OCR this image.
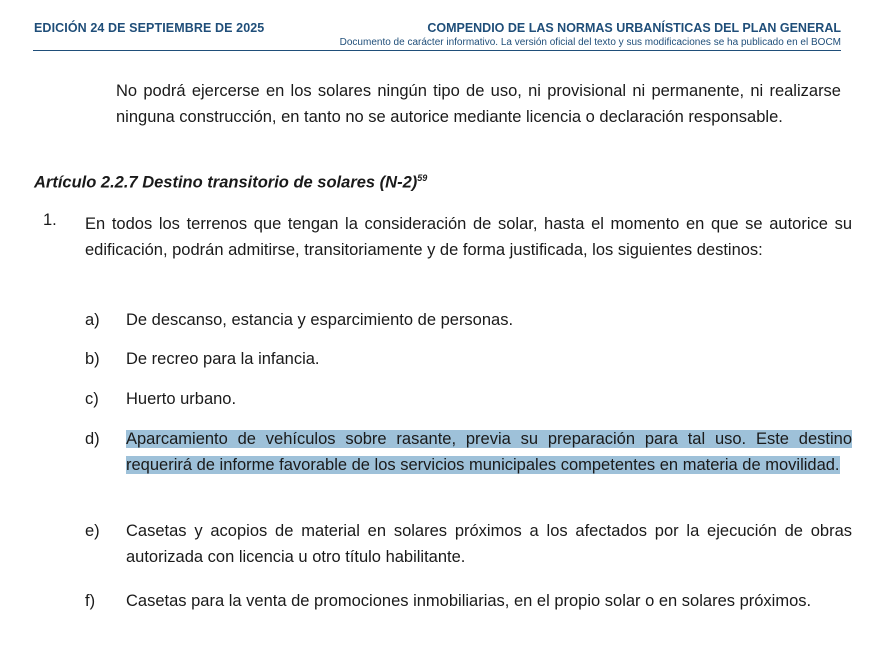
EDICIÓN 24 DE SEPTIEMBRE DE 2025	COMPENDIO DE LAS NORMAS URBANÍSTICAS DEL PLAN GENERAL
Documento de carácter informativo. La versión oficial del texto y sus modificaciones se ha publicado en el BOCM
No podrá ejercerse en los solares ningún tipo de uso, ni provisional ni permanente, ni realizarse ninguna construcción, en tanto no se autorice mediante licencia o declaración responsable.
Artículo 2.2.7 Destino transitorio de solares $(N-2)^{59}$
1. En todos los terrenos que tengan la consideración de solar, hasta el momento en que se autorice su edificación, podrán admitirse, transitoriamente y de forma justificada, los siguientes destinos:
a) De descanso, estancia y esparcimiento de personas.
b) De recreo para la infancia.
c) Huerto urbano.
d) Aparcamiento de vehículos sobre rasante, previa su preparación para tal uso. Este destino requerirá de informe favorable de los servicios municipales competentes en materia de movilidad.
e) Casetas y acopios de material en solares próximos a los afectados por la ejecución de obras autorizada con licencia u otro título habilitante.
f) Casetas para la venta de promociones inmobiliarias, en el propio solar o en solares próximos.
